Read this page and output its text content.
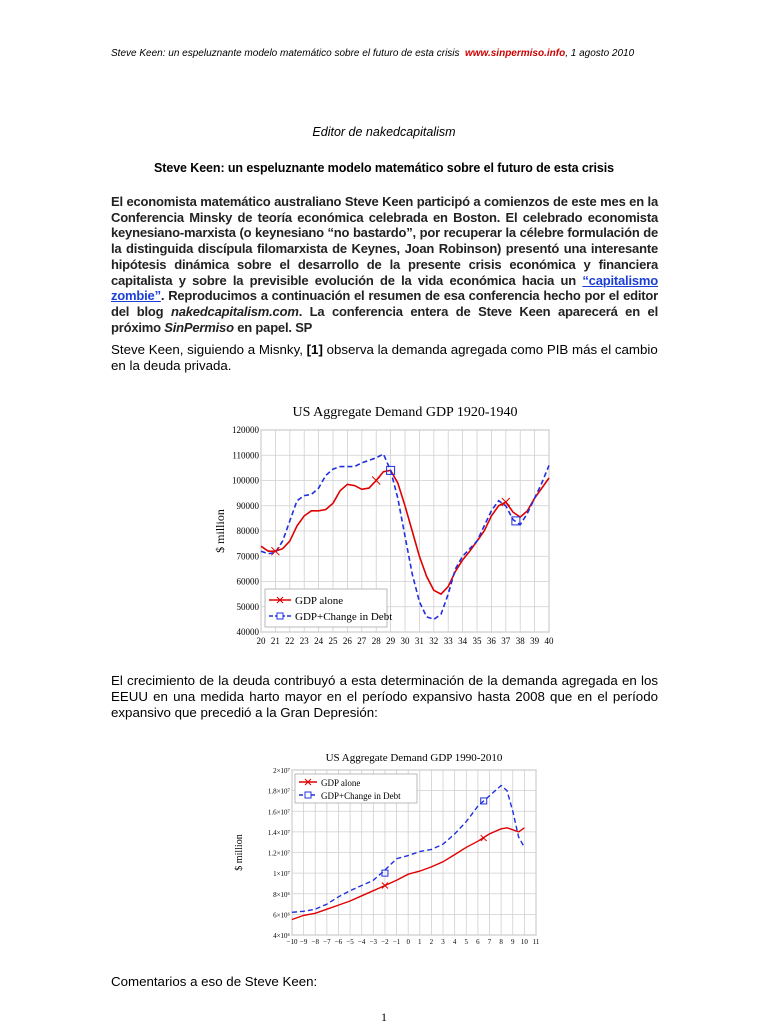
Steve Keen: un espeluznante modelo matemático sobre el futuro de esta crisis www.sinpermiso.info, 1 agosto 2010
Editor de nakedcapitalism
Steve Keen: un espeluznante modelo matemático sobre el futuro de esta crisis
El economista matemático australiano Steve Keen participó a comienzos de este mes en la Conferencia Minsky de teoría económica celebrada en Boston. El celebrado economista keynesiano-marxista (o keynesiano “no bastardo”, por recuperar la célebre formulación de la distinguida discípula filomarxista de Keynes, Joan Robinson) presentó una interesante hipótesis dinámica sobre el desarrollo de la presente crisis económica y financiera capitalista y sobre la previsible evolución de la vida económica hacia un “capitalismo zombie”. Reproducimos a continuación el resumen de esa conferencia hecho por el editor del blog nakedcapitalism.com. La conferencia entera de Steve Keen aparecerá en el próximo SinPermiso en papel. SP
Steve Keen, siguiendo a Misnky, [1] observa la demanda agregada como PIB más el cambio en la deuda privada.
US Aggregate Demand GDP 1920-1940
20 21 22 23 24 25 26 27 28 29 30 31 32 33 34 35 36 37 38 39 40
40000
50000
60000
70000
80000
90000
100000
110000
120000
$ million
GDP alone
GDP+Change in Debt
El crecimiento de la deuda contribuyó a esta determinación de la demanda agregada en los EEUU en una medida harto mayor en el período expansivo hasta 2008 que en el período expansivo que precedió a la Gran Depresión:
US Aggregate Demand GDP 1990-2010
−10 −9 −8 −7 −6 −5 −4 −3 −2 −1 0 1 2 3 4 5 6 7 8 9 10 11
4×10⁶
6×10⁶
8×10⁶
1×10⁷
1.2×10⁷
1.4×10⁷
1.6×10⁷
1.8×10⁷
2×10⁷
$ million
GDP alone
GDP+Change in Debt
Comentarios a eso de Steve Keen:
1
